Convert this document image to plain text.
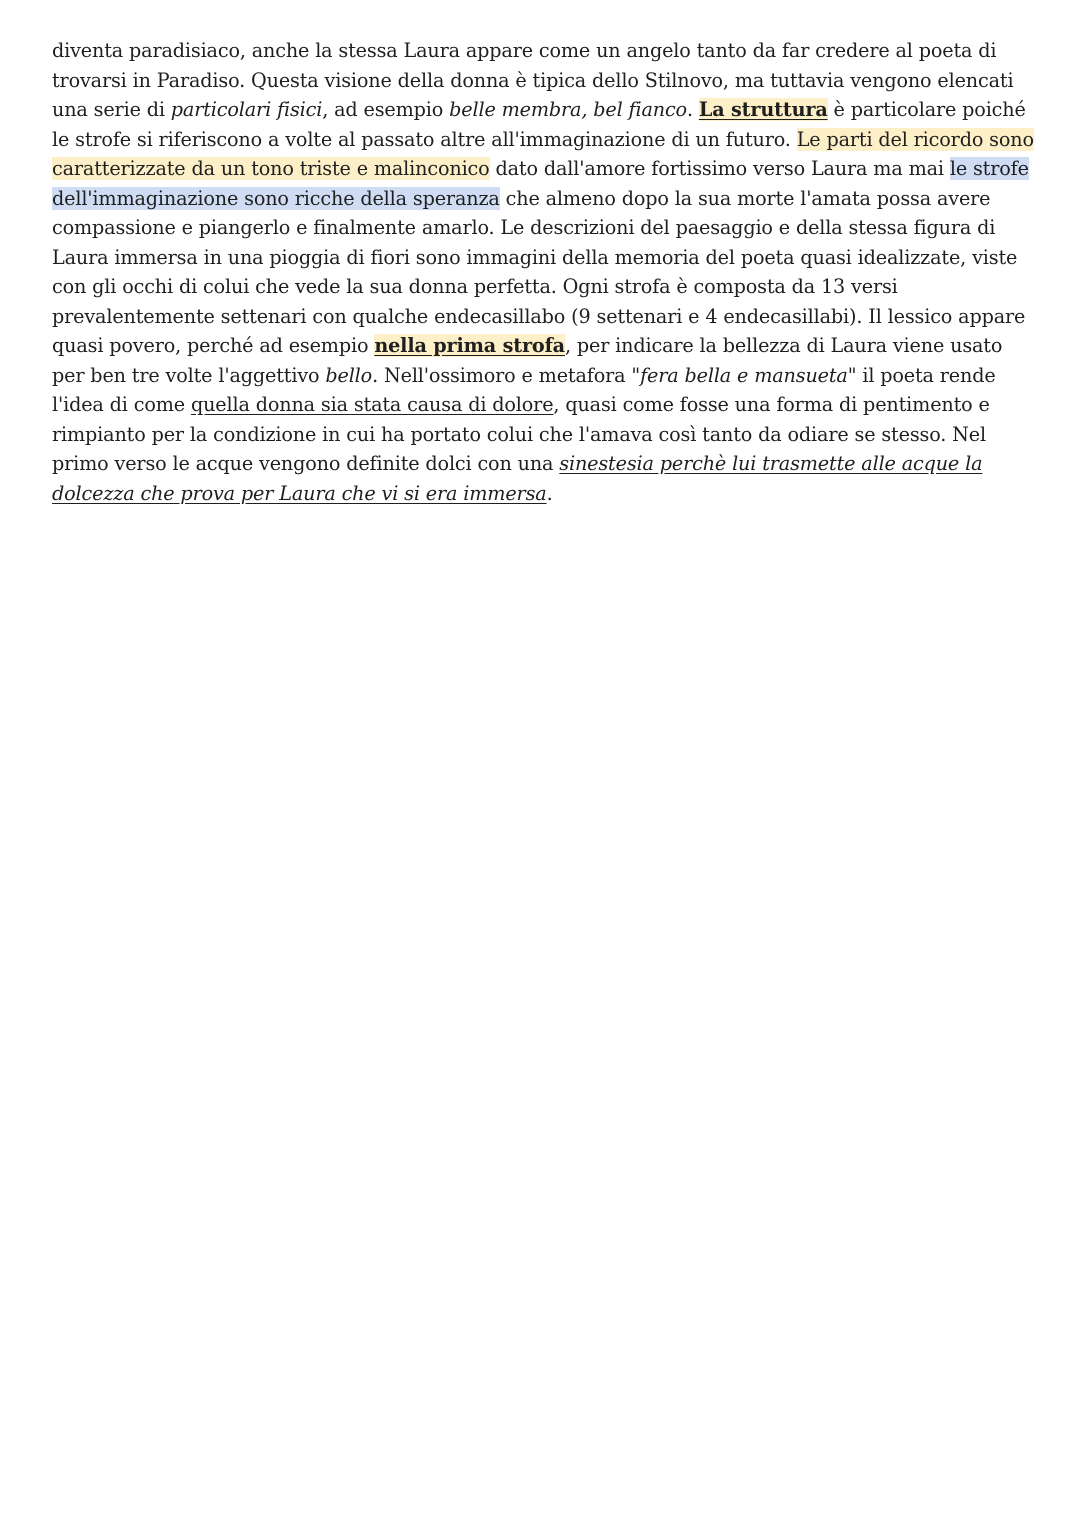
diventa paradisiaco, anche la stessa Laura appare come un angelo tanto da far credere al poeta di trovarsi in Paradiso. Questa visione della donna è tipica dello Stilnovo, ma tuttavia vengono elencati una serie di particolari fisici, ad esempio belle membra, bel fianco. La struttura è particolare poiché le strofe si riferiscono a volte al passato altre all'immaginazione di un futuro. Le parti del ricordo sono caratterizzate da un tono triste e malinconico dato dall'amore fortissimo verso Laura ma mai le strofe dell'immaginazione sono ricche della speranza che almeno dopo la sua morte l'amata possa avere compassione e piangerlo e finalmente amarlo. Le descrizioni del paesaggio e della stessa figura di Laura immersa in una pioggia di fiori sono immagini della memoria del poeta quasi idealizzate, viste con gli occhi di colui che vede la sua donna perfetta. Ogni strofa è composta da 13 versi prevalentemente settenari con qualche endecasillabo (9 settenari e 4 endecasillabi). Il lessico appare quasi povero, perché ad esempio nella prima strofa, per indicare la bellezza di Laura viene usato per ben tre volte l'aggettivo bello. Nell'ossimoro e metafora "fera bella e mansueta" il poeta rende l'idea di come quella donna sia stata causa di dolore, quasi come fosse una forma di pentimento e rimpianto per la condizione in cui ha portato colui che l'amava così tanto da odiare se stesso. Nel primo verso le acque vengono definite dolci con una sinestesia perchè lui trasmette alle acque la dolcezza che prova per Laura che vi si era immersa.
